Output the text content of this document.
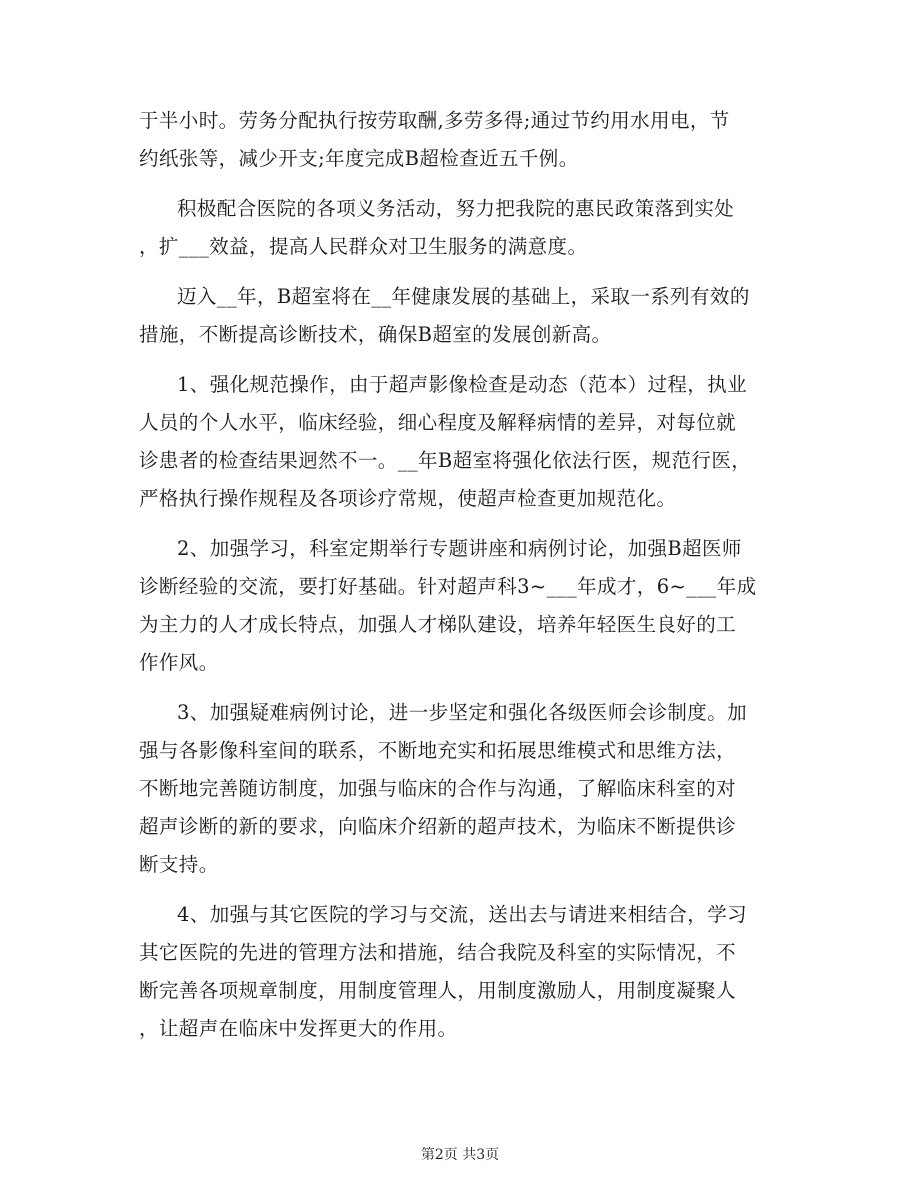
于半小时。劳务分配执行按劳取酬,多劳多得;通过节约用水用电，节
约纸张等，减少开支;年度完成B超检查近五千例。
积极配合医院的各项义务活动，努力把我院的惠民政策落到实处
，扩___效益，提高人民群众对卫生服务的满意度。
迈入__年，B超室将在__年健康发展的基础上，采取一系列有效的
措施，不断提高诊断技术，确保B超室的发展创新高。
1、强化规范操作，由于超声影像检查是动态（范本）过程，执业
人员的个人水平，临床经验，细心程度及解释病情的差异，对每位就
诊患者的检查结果迥然不一。__年B超室将强化依法行医，规范行医，
严格执行操作规程及各项诊疗常规，使超声检查更加规范化。
2、加强学习，科室定期举行专题讲座和病例讨论，加强B超医师
诊断经验的交流，要打好基础。针对超声科3~___年成才，6~___年成
为主力的人才成长特点，加强人才梯队建设，培养年轻医生良好的工
作作风。
3、加强疑难病例讨论，进一步坚定和强化各级医师会诊制度。加
强与各影像科室间的联系，不断地充实和拓展思维模式和思维方法，
不断地完善随访制度，加强与临床的合作与沟通，了解临床科室的对
超声诊断的新的要求，向临床介绍新的超声技术，为临床不断提供诊
断支持。
4、加强与其它医院的学习与交流，送出去与请进来相结合，学习
其它医院的先进的管理方法和措施，结合我院及科室的实际情况，不
断完善各项规章制度，用制度管理人，用制度激励人，用制度凝聚人
，让超声在临床中发挥更大的作用。
第2页 共3页
